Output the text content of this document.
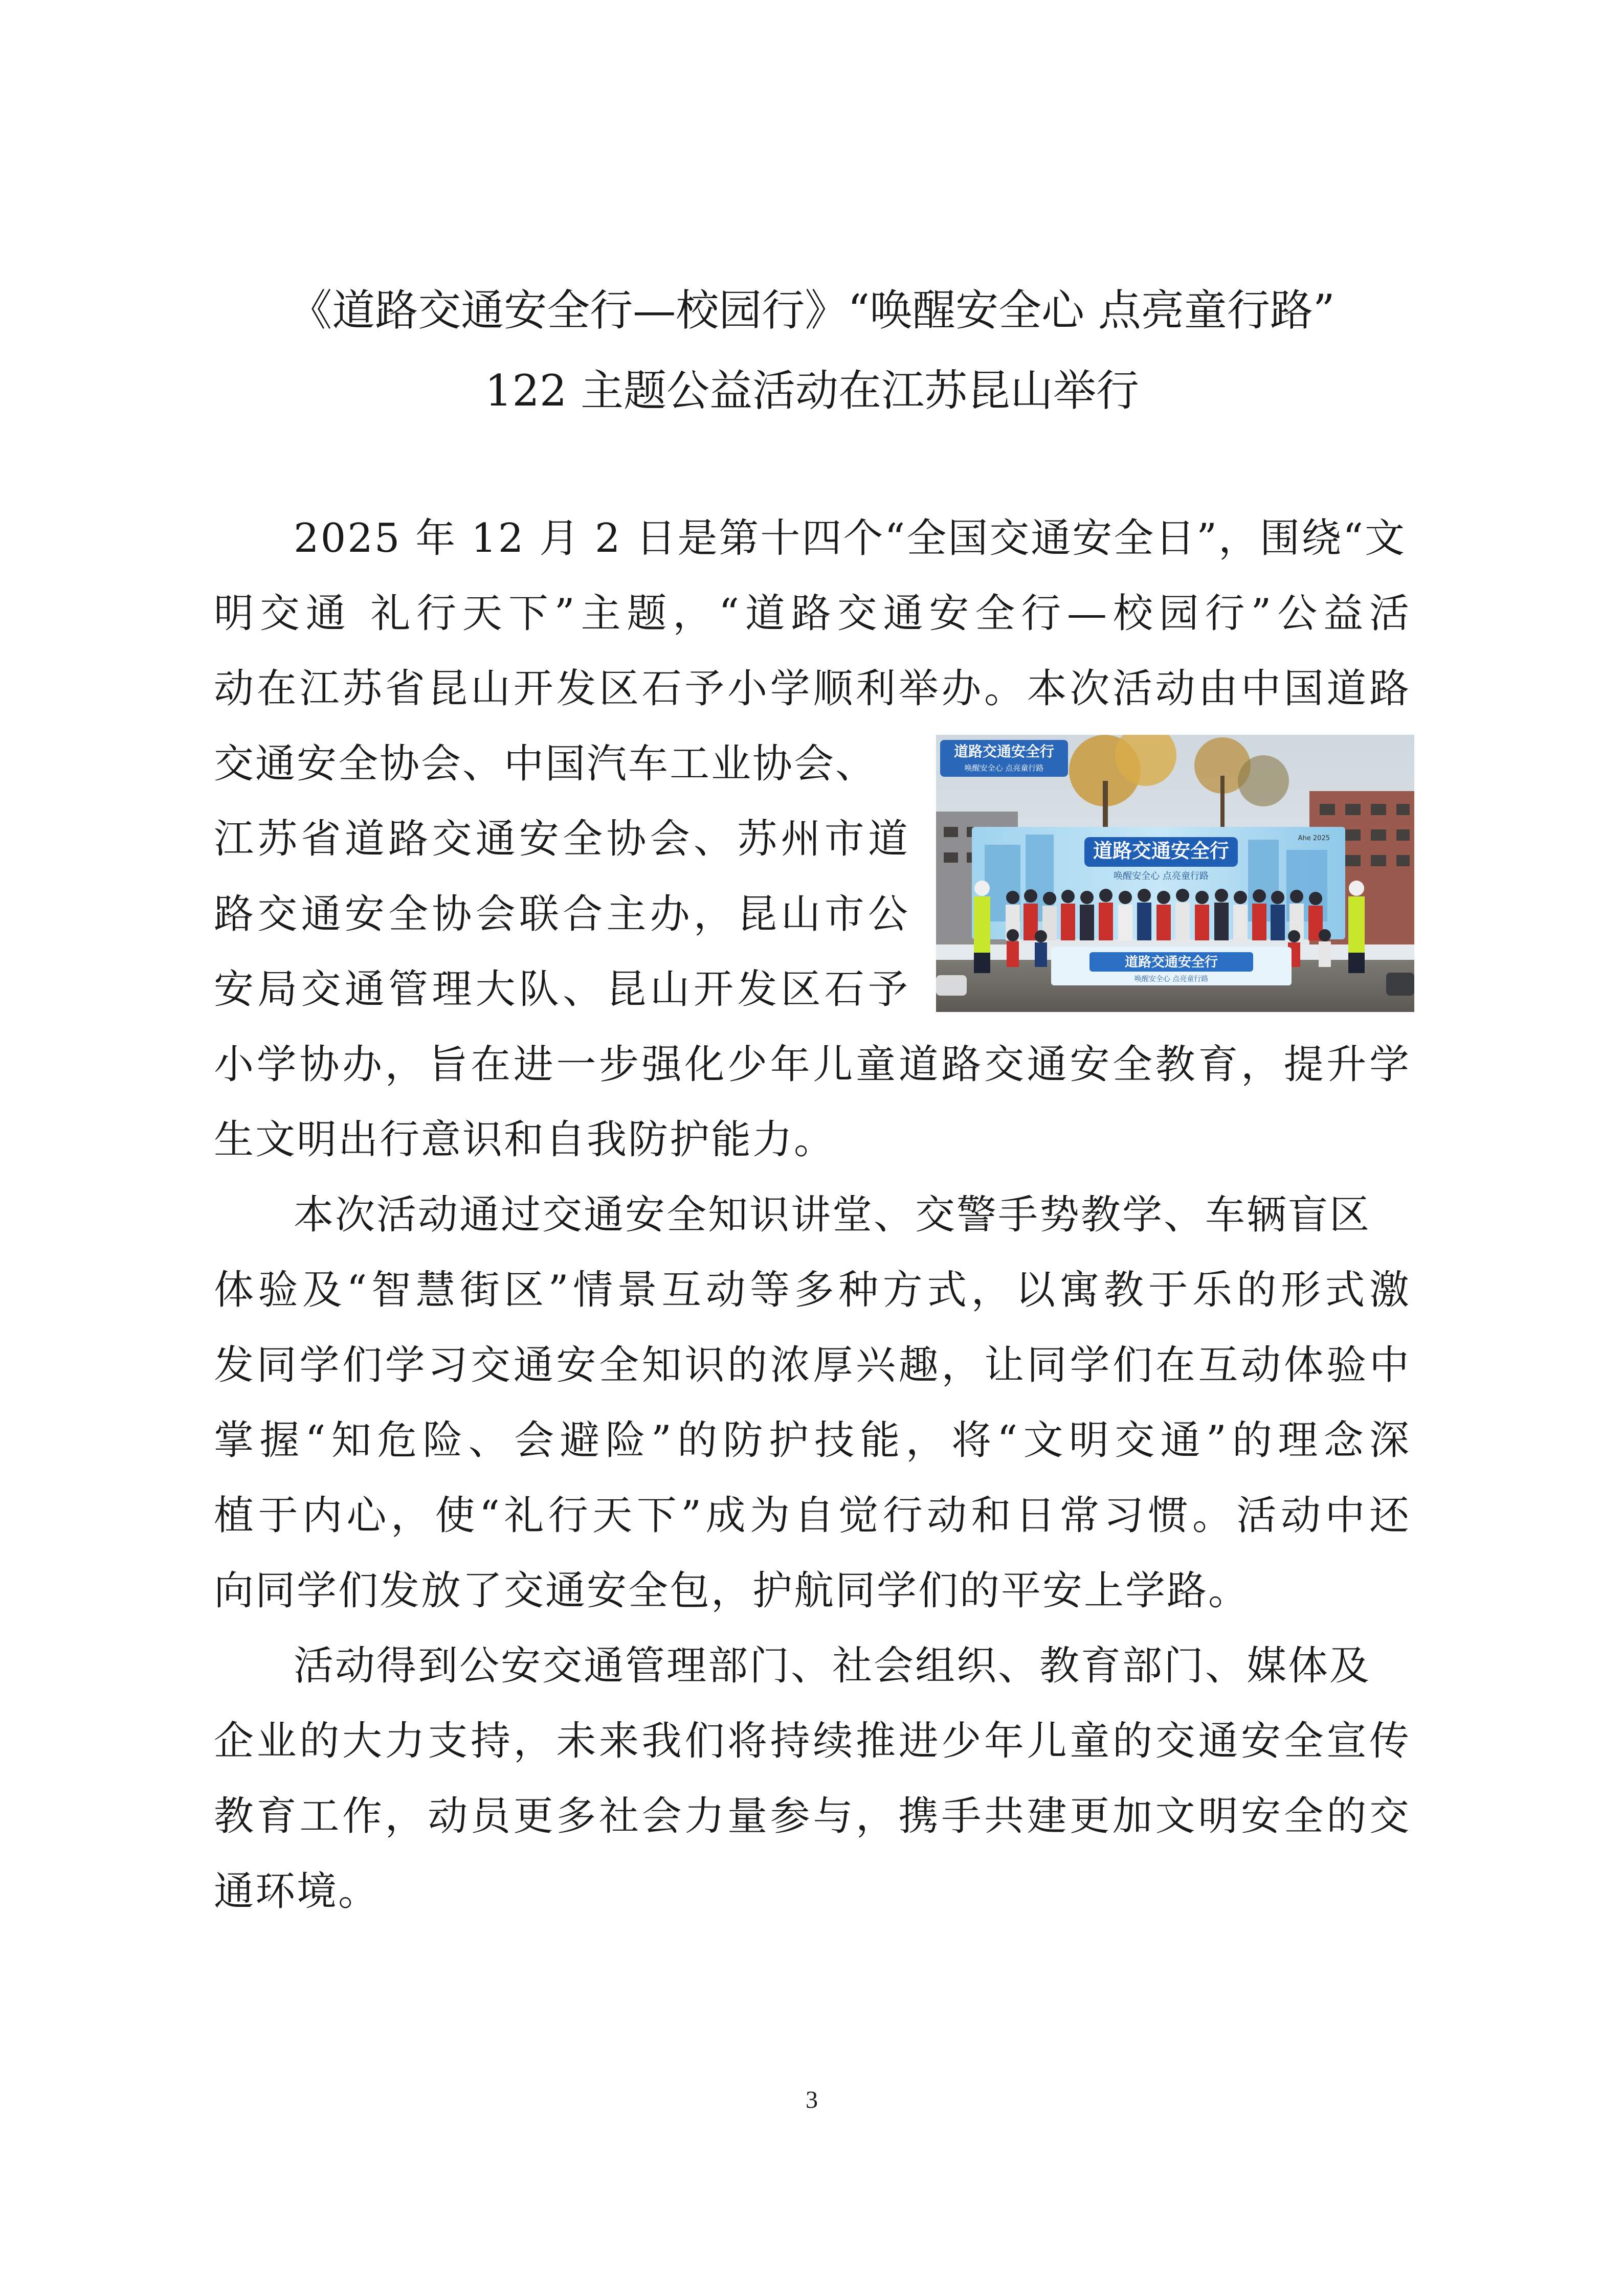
《道路交通安全行—校园行》“唤醒安全心 点亮童行路”
122 主题公益活动在江苏昆山举行
2025 年 12 月 2 日是第十四个“全国交通安全日”，围绕“文
明交通 礼行天下”主题，“道路交通安全行—校园行”公益活
动在江苏省昆山开发区石予小学顺利举办。本次活动由中国道路
交通安全协会、中国汽车工业协会、
江苏省道路交通安全协会、苏州市道
路交通安全协会联合主办，昆山市公
安局交通管理大队、昆山开发区石予
小学协办，旨在进一步强化少年儿童道路交通安全教育，提升学
生文明出行意识和自我防护能力。
本次活动通过交通安全知识讲堂、交警手势教学、车辆盲区
体验及“智慧街区”情景互动等多种方式，以寓教于乐的形式激
发同学们学习交通安全知识的浓厚兴趣，让同学们在互动体验中
掌握“知危险、会避险”的防护技能，将“文明交通”的理念深
植于内心，使“礼行天下”成为自觉行动和日常习惯。活动中还
向同学们发放了交通安全包，护航同学们的平安上学路。
活动得到公安交通管理部门、社会组织、教育部门、媒体及
企业的大力支持，未来我们将持续推进少年儿童的交通安全宣传
教育工作，动员更多社会力量参与，携手共建更加文明安全的交
通环境。
道路交通安全行
唤醒安全心 点亮童行路
道路交通安全行
唤醒安全心 点亮童行路
Ahe 2025
道路交通安全行
唤醒安全心 点亮童行路
3
